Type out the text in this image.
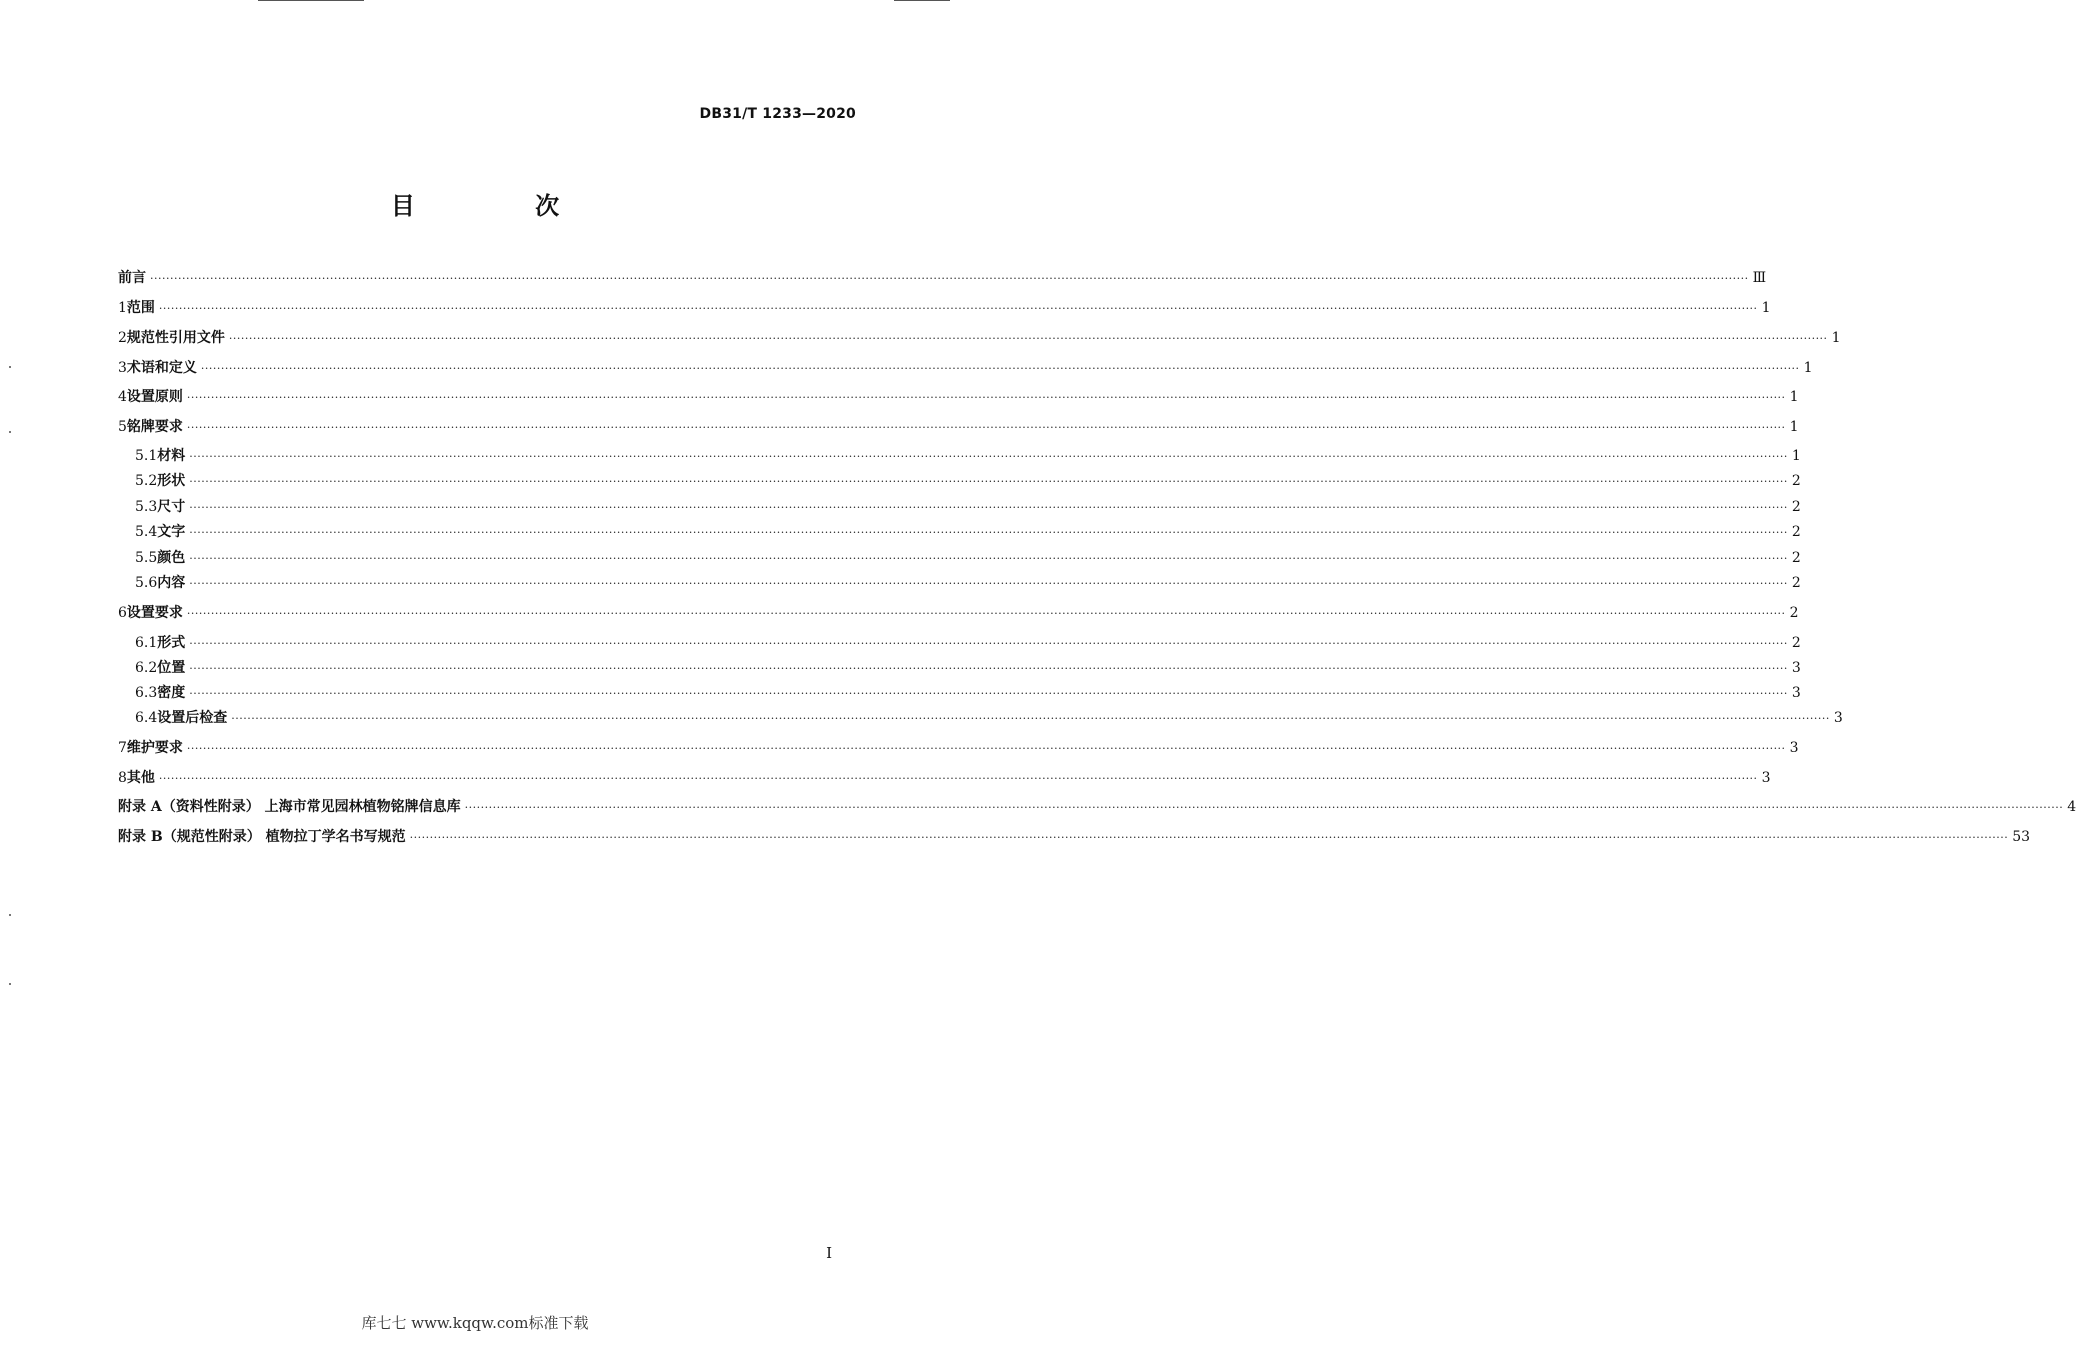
DB31/T 1233—2020
目 次
前言 ················································································································································································································································································································································································································ Ⅲ
1 范围 ················································································································································································································································································································································································································ 1
2 规范性引用文件 ················································································································································································································································································································································································································ 1
3 术语和定义 ················································································································································································································································································································································································································ 1
4 设置原则 ················································································································································································································································································································································································································ 1
5 铭牌要求 ················································································································································································································································································································································································································ 1
5.1 材料 ················································································································································································································································································································································································································ 1
5.2 形状 ················································································································································································································································································································································································································ 2
5.3 尺寸 ················································································································································································································································································································································································································ 2
5.4 文字 ················································································································································································································································································································································································································ 2
5.5 颜色 ················································································································································································································································································································································································································ 2
5.6 内容 ················································································································································································································································································································································································································ 2
6 设置要求 ················································································································································································································································································································································································································ 2
6.1 形式 ················································································································································································································································································································································································································ 2
6.2 位置 ················································································································································································································································································································································································································ 3
6.3 密度 ················································································································································································································································································································································································································ 3
6.4 设置后检查 ················································································································································································································································································································································································································ 3
7 维护要求 ················································································································································································································································································································································································································ 3
8 其他 ················································································································································································································································································································································································································ 3
附录 A（资料性附录） 上海市常见园林植物铭牌信息库 ················································································································································································································································································································································································································ 4
附录 B（规范性附录） 植物拉丁学名书写规范 ················································································································································································································································································································································································································ 53
I
库七七 www.kqqw.com标准下载
